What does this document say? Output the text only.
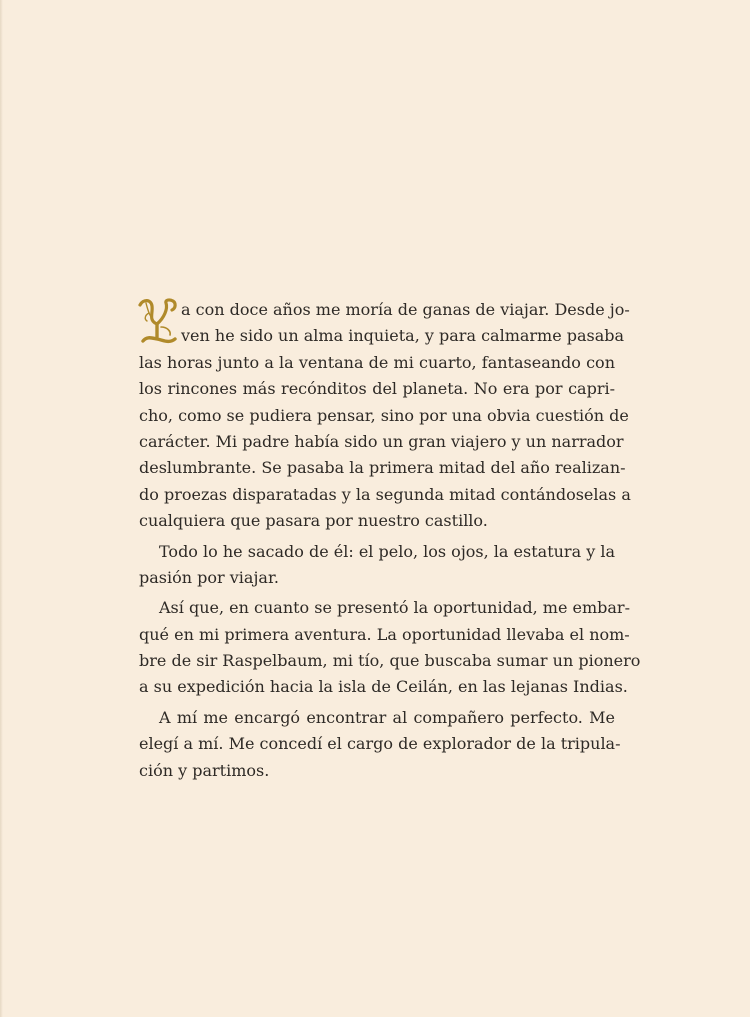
a con doce años me moría de ganas de viajar. Desde jo-
ven he sido un alma inquieta, y para calmarme pasaba
las horas junto a la ventana de mi cuarto, fantaseando con
los rincones más recónditos del planeta. No era por capri-
cho, como se pudiera pensar, sino por una obvia cuestión de
carácter. Mi padre había sido un gran viajero y un narrador
deslumbrante. Se pasaba la primera mitad del año realizan-
do proezas disparatadas y la segunda mitad contándoselas a
cualquiera que pasara por nuestro castillo.
Todo lo he sacado de él: el pelo, los ojos, la estatura y la
pasión por viajar.
Así que, en cuanto se presentó la oportunidad, me embar-
qué en mi primera aventura. La oportunidad llevaba el nom-
bre de sir Raspelbaum, mi tío, que buscaba sumar un pionero
a su expedición hacia la isla de Ceilán, en las lejanas Indias.
A mí me encargó encontrar al compañero perfecto. Me
elegí a mí. Me concedí el cargo de explorador de la tripula-
ción y partimos.
